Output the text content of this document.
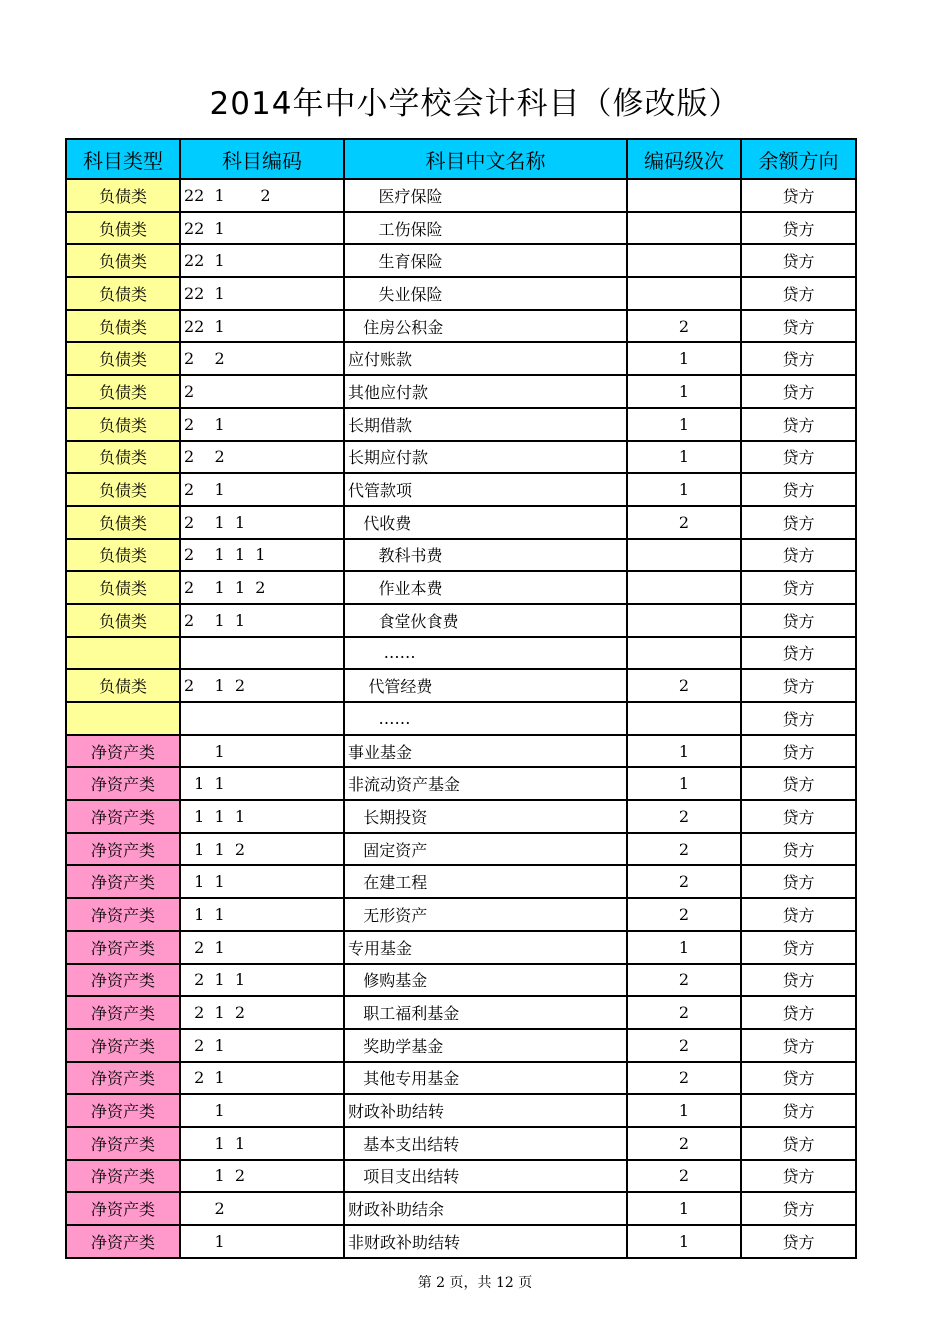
2014年中小学校会计科目（修改版）
科目类型	科目编码	科目中文名称	编码级次	余额方向
负债类	22  1       2	医疗保险		贷方
负债类	22  1	工伤保险		贷方
负债类	22  1	生育保险		贷方
负债类	22  1	失业保险		贷方
负债类	22  1	住房公积金	2	贷方
负债类	2    2	应付账款	1	贷方
负债类	2	其他应付款	1	贷方
负债类	2    1	长期借款	1	贷方
负债类	2    2	长期应付款	1	贷方
负债类	2    1	代管款项	1	贷方
负债类	2    1  1	代收费	2	贷方
负债类	2    1  1  1	教科书费		贷方
负债类	2    1  1  2	作业本费		贷方
负债类	2    1  1	食堂伙食费		贷方
		……		贷方
负债类	2    1  2	代管经费	2	贷方
		……		贷方
净资产类	1	事业基金	1	贷方
净资产类	1  1	非流动资产基金	1	贷方
净资产类	1  1  1	长期投资	2	贷方
净资产类	1  1  2	固定资产	2	贷方
净资产类	1  1	在建工程	2	贷方
净资产类	1  1	无形资产	2	贷方
净资产类	2  1	专用基金	1	贷方
净资产类	2  1  1	修购基金	2	贷方
净资产类	2  1  2	职工福利基金	2	贷方
净资产类	2  1	奖助学基金	2	贷方
净资产类	2  1	其他专用基金	2	贷方
净资产类	1	财政补助结转	1	贷方
净资产类	1  1	基本支出结转	2	贷方
净资产类	1  2	项目支出结转	2	贷方
净资产类	2	财政补助结余	1	贷方
净资产类	1	非财政补助结转	1	贷方
第 2 页，共 12 页
